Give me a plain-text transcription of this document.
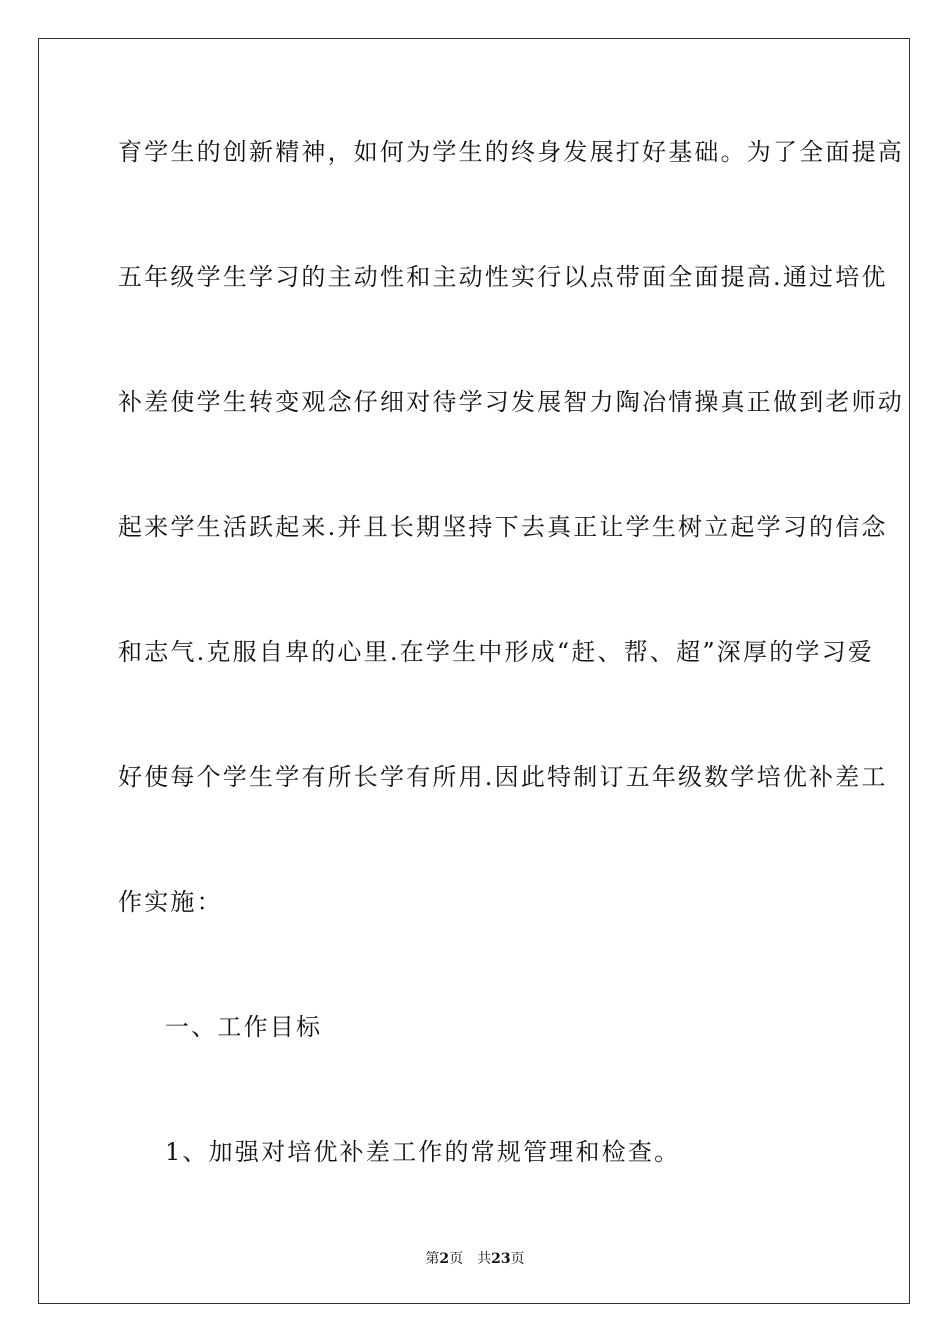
育学生的创新精神，如何为学生的终身发展打好基础。为了全面提高
五年级学生学习的主动性和主动性实行以点带面全面提高.通过培优
补差使学生转变观念仔细对待学习发展智力陶冶情操真正做到老师动
起来学生活跃起来.并且长期坚持下去真正让学生树立起学习的信念
和志气.克服自卑的心里.在学生中形成“赶、帮、超”深厚的学习爱
好使每个学生学有所长学有所用.因此特制订五年级数学培优补差工
作实施：
一、工作目标
1、加强对培优补差工作的常规管理和检查。
第2页 共23页
